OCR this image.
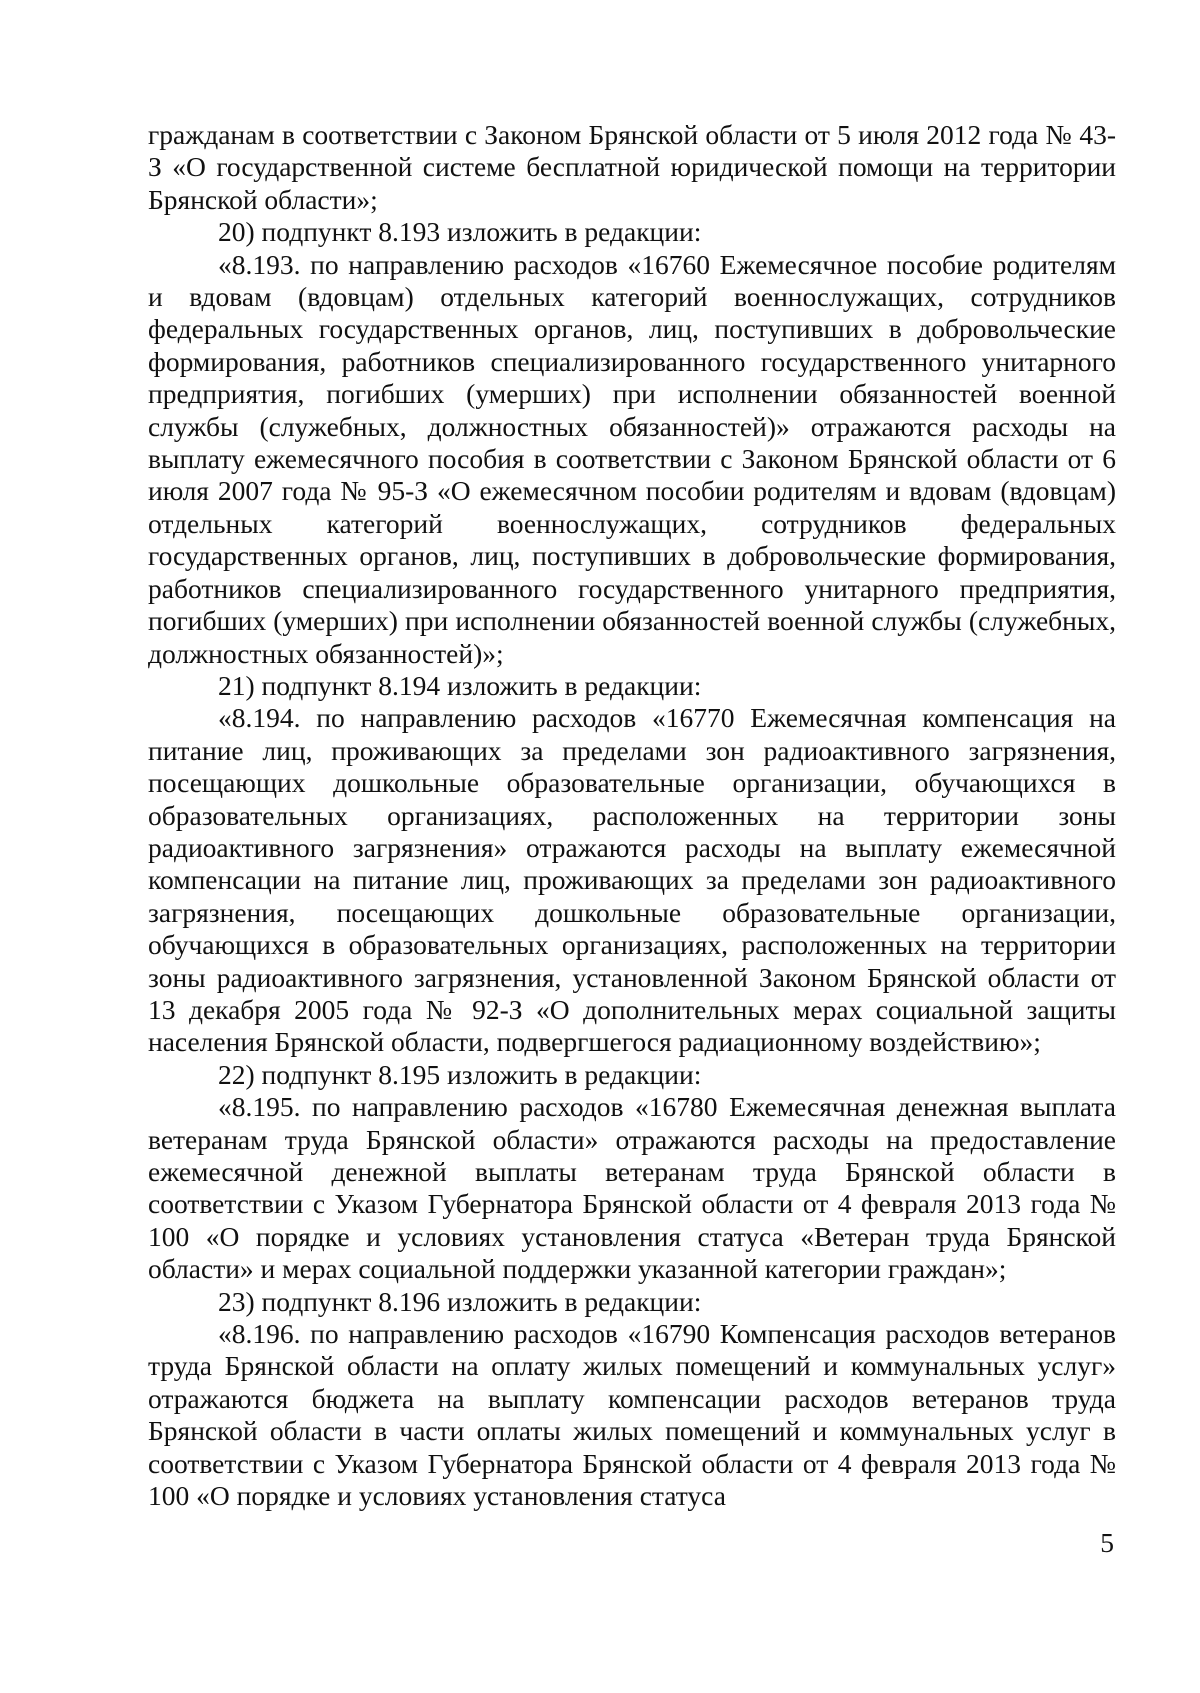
гражданам в соответствии с Законом Брянской области от 5 июля 2012 года № 43-З «О государственной системе бесплатной юридической помощи на территории Брянской области»;

20) подпункт 8.193 изложить в редакции:

«8.193. по направлению расходов «16760 Ежемесячное пособие родителям и вдовам (вдовцам) отдельных категорий военнослужащих, сотрудников федеральных государственных органов, лиц, поступивших в добровольческие формирования, работников специализированного государственного унитарного предприятия, погибших (умерших) при исполнении обязанностей военной службы (служебных, должностных обязанностей)» отражаются расходы на выплату ежемесячного пособия в соответствии с Законом Брянской области от 6 июля 2007 года № 95-З «О ежемесячном пособии родителям и вдовам (вдовцам) отдельных категорий военнослужащих, сотрудников федеральных государственных органов, лиц, поступивших в добровольческие формирования, работников специализированного государственного унитарного предприятия, погибших (умерших) при исполнении обязанностей военной службы (служебных, должностных обязанностей)»;

21) подпункт 8.194 изложить в редакции:

«8.194. по направлению расходов «16770 Ежемесячная компенсация на питание лиц, проживающих за пределами зон радиоактивного загрязнения, посещающих дошкольные образовательные организации, обучающихся в образовательных организациях, расположенных на территории зоны радиоактивного загрязнения» отражаются расходы на выплату ежемесячной компенсации на питание лиц, проживающих за пределами зон радиоактивного загрязнения, посещающих дошкольные образовательные организации, обучающихся в образовательных организациях, расположенных на территории зоны радиоактивного загрязнения, установленной Законом Брянской области от 13 декабря 2005 года № 92-З «О дополнительных мерах социальной защиты населения Брянской области, подвергшегося радиационному воздействию»;

22) подпункт 8.195 изложить в редакции:

«8.195. по направлению расходов «16780 Ежемесячная денежная выплата ветеранам труда Брянской области» отражаются расходы на предоставление ежемесячной денежной выплаты ветеранам труда Брянской области в соответствии с Указом Губернатора Брянской области от 4 февраля 2013 года № 100 «О порядке и условиях установления статуса «Ветеран труда Брянской области» и мерах социальной поддержки указанной категории граждан»;

23) подпункт 8.196 изложить в редакции:

«8.196. по направлению расходов «16790 Компенсация расходов ветеранов труда Брянской области на оплату жилых помещений и коммунальных услуг» отражаются бюджета на выплату компенсации расходов ветеранов труда Брянской области в части оплаты жилых помещений и коммунальных услуг в соответствии с Указом Губернатора Брянской области от 4 февраля 2013 года № 100 «О порядке и условиях установления статуса

5
